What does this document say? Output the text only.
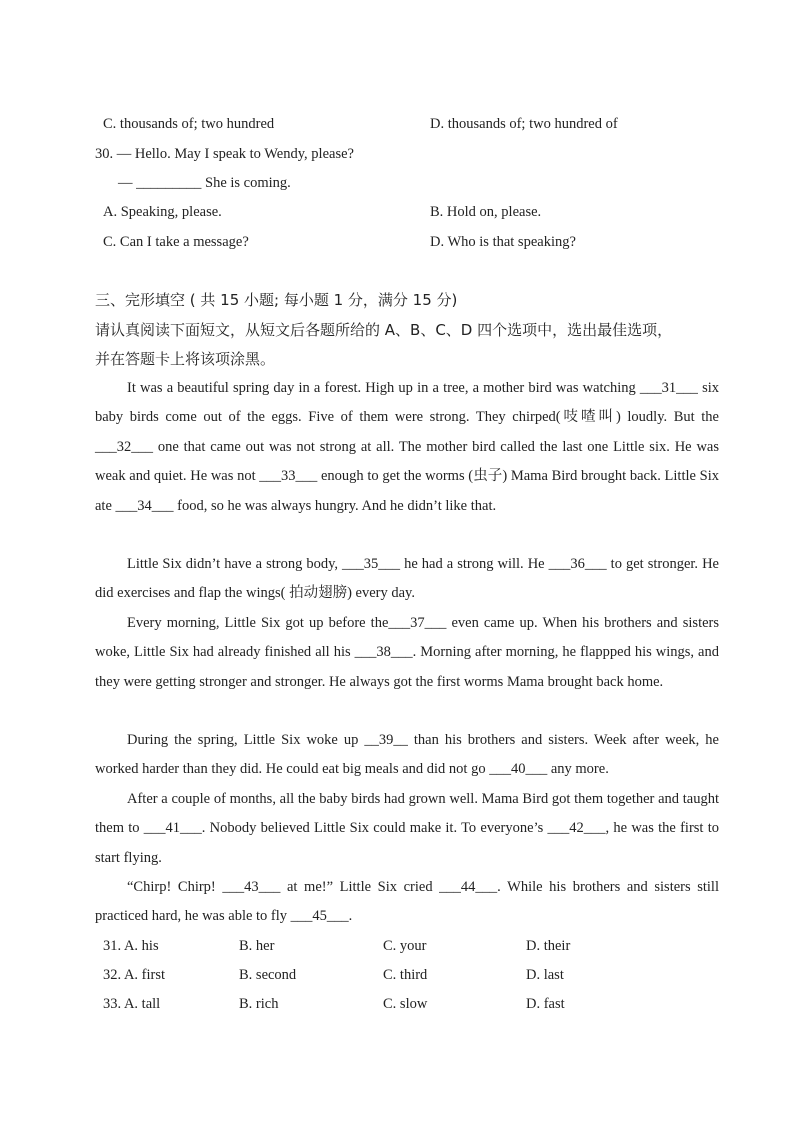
C. thousands of; two hundred	D. thousands of; two hundred of
30. — Hello. May I speak to Wendy, please?
— _________ She is coming.
A. Speaking, please.	B. Hold on, please.
C. Can I take a message?	D. Who is that speaking?
三、完形填空 ( 共 15 小题; 每小题 1 分，满分 15 分)
请认真阅读下面短文，从短文后各题所给的 A、B、C、D 四个选项中，选出最佳选项，
并在答题卡上将该项涂黑。
It was a beautiful spring day in a forest. High up in a tree, a mother bird was watching ___31___ six baby birds come out of the eggs. Five of them were strong. They chirped(吱喳叫) loudly. But the ___32___ one that came out was not strong at all. The mother bird called the last one Little six. He was weak and quiet. He was not ___33___ enough to get the worms (虫子) Mama Bird brought back. Little Six ate ___34___ food, so he was always hungry. And he didn’t like that.
Little Six didn’t have a strong body, ___35___ he had a strong will. He ___36___ to get stronger. He did exercises and flap the wings( 拍动翅膀) every day.
Every morning, Little Six got up before the___37___ even came up. When his brothers and sisters woke, Little Six had already finished all his ___38___. Morning after morning, he flappped his wings, and they were getting stronger and stronger. He always got the first worms Mama brought back home.
During the spring, Little Six woke up __39__ than his brothers and sisters. Week after week, he worked harder than they did. He could eat big meals and did not go ___40___ any more.
After a couple of months, all the baby birds had grown well. Mama Bird got them together and taught them to ___41___. Nobody believed Little Six could make it. To everyone’s ___42___, he was the first to start flying.
“Chirp! Chirp! ___43___ at me!” Little Six cried ___44___. While his brothers and sisters still practiced hard, he was able to fly ___45___.
31. A. his	B. her	C. your	D. their
32. A. first	B. second	C. third	D. last
33. A. tall	B. rich	C. slow	D. fast
